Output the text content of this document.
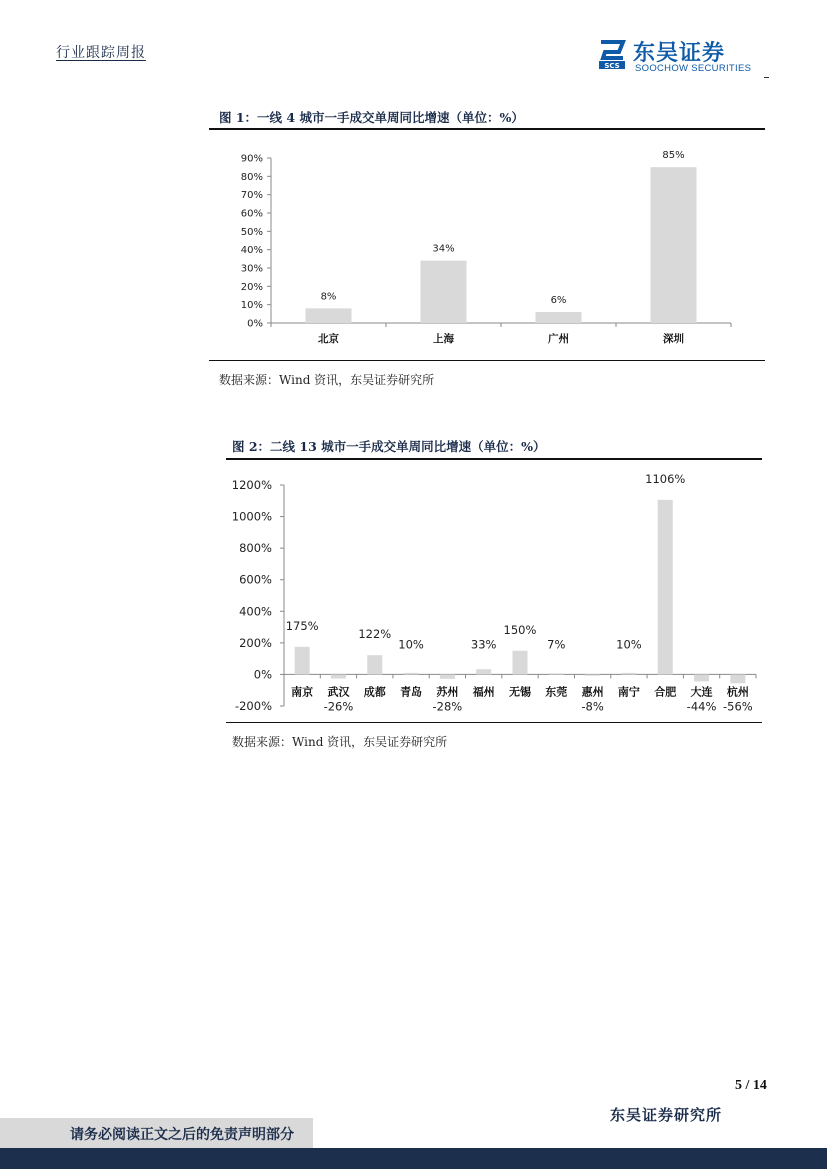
行业跟踪周报
SCS 东吴证券
SOOCHOW SECURITIES
图 1：一线 4 城市一手成交单周同比增速（单位：%）
0%
10%
20%
30%
40%
50%
60%
70%
80%
90%
8%
北京
34%
上海
6%
广州
85%
深圳
数据来源：Wind 资讯，东吴证券研究所
图 2：二线 13 城市一手成交单周同比增速（单位：%）
-200%
0%
200%
400%
600%
800%
1000%
1200%
南京
175%
武汉
-26%
成都
122%
青岛
10%
苏州
-28%
福州
33%
无锡
150%
东莞
7%
惠州
-8%
南宁
10%
合肥
1106%
大连
-44%
杭州
-56%
数据来源：Wind 资讯，东吴证券研究所
5 / 14
东吴证券研究所
请务必阅读正文之后的免责声明部分
